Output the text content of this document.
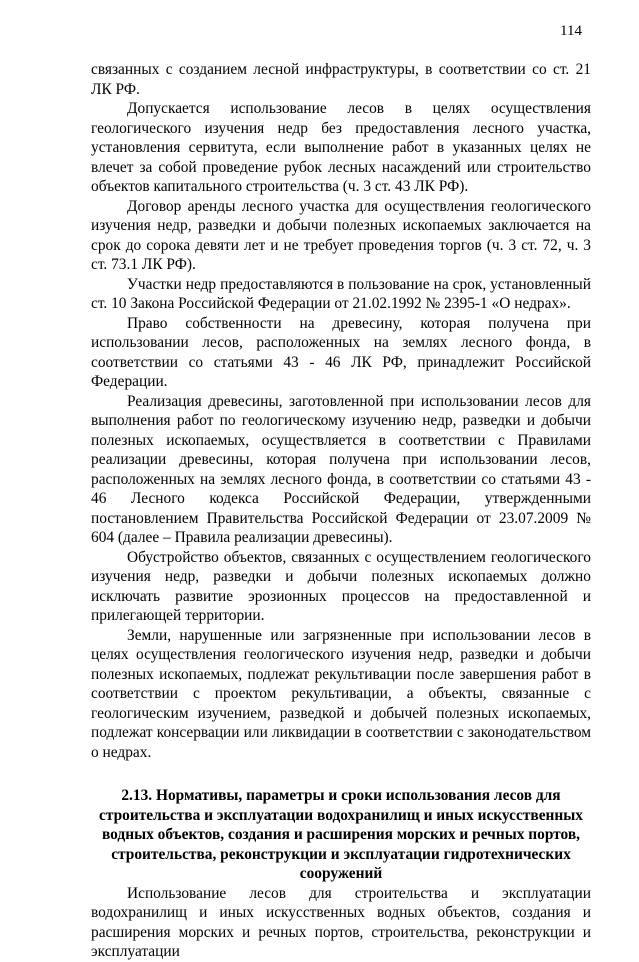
114

связанных с созданием лесной инфраструктуры, в соответствии со ст. 21 ЛК РФ.

Допускается использование лесов в целях осуществления геологического изучения недр без предоставления лесного участка, установления сервитута, если выполнение работ в указанных целях не влечет за собой проведение рубок лесных насаждений или строительство объектов капитального строительства (ч. 3 ст. 43 ЛК РФ).

Договор аренды лесного участка для осуществления геологического изучения недр, разведки и добычи полезных ископаемых заключается на срок до сорока девяти лет и не требует проведения торгов (ч. 3 ст. 72, ч. 3 ст. 73.1 ЛК РФ).

Участки недр предоставляются в пользование на срок, установленный ст. 10 Закона Российской Федерации от 21.02.1992 № 2395-1 «О недрах».

Право собственности на древесину, которая получена при использовании лесов, расположенных на землях лесного фонда, в соответствии со статьями 43 - 46 ЛК РФ, принадлежит Российской Федерации.

Реализация древесины, заготовленной при использовании лесов для выполнения работ по геологическому изучению недр, разведки и добычи полезных ископаемых, осуществляется в соответствии с Правилами реализации древесины, которая получена при использовании лесов, расположенных на землях лесного фонда, в соответствии со статьями 43 - 46 Лесного кодекса Российской Федерации, утвержденными постановлением Правительства Российской Федерации от 23.07.2009 № 604 (далее – Правила реализации древесины).

Обустройство объектов, связанных с осуществлением геологического изучения недр, разведки и добычи полезных ископаемых должно исключать развитие эрозионных процессов на предоставленной и прилегающей территории.

Земли, нарушенные или загрязненные при использовании лесов в целях осуществления геологического изучения недр, разведки и добычи полезных ископаемых, подлежат рекультивации после завершения работ в соответствии с проектом рекультивации, а объекты, связанные с геологическим изучением, разведкой и добычей полезных ископаемых, подлежат консервации или ликвидации в соответствии с законодательством о недрах.

2.13. Нормативы, параметры и сроки использования лесов для строительства и эксплуатации водохранилищ и иных искусственных водных объектов, создания и расширения морских и речных портов, строительства, реконструкции и эксплуатации гидротехнических сооружений

Использование лесов для строительства и эксплуатации водохранилищ и иных искусственных водных объектов, создания и расширения морских и речных портов, строительства, реконструкции и эксплуатации
